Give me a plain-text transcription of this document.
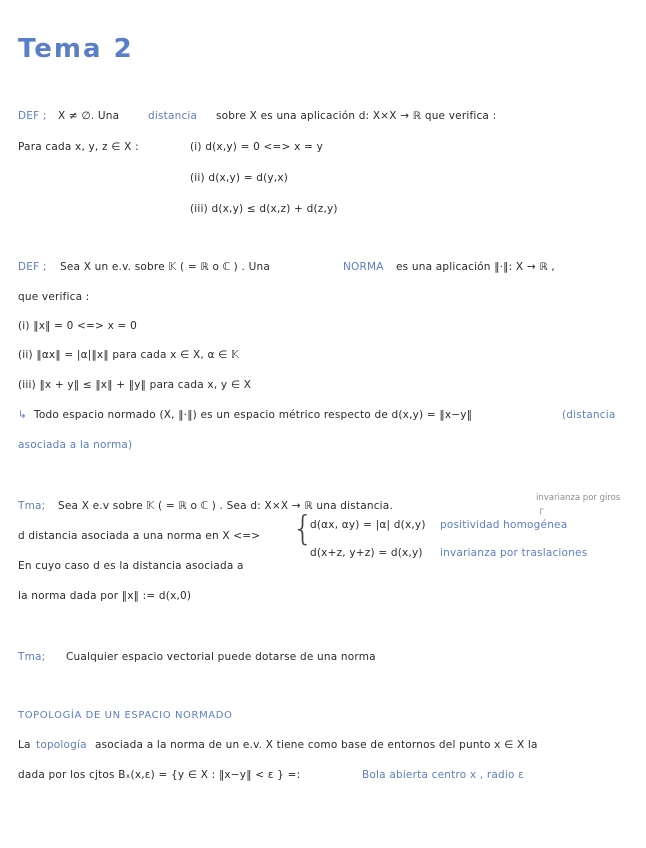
Tema 2
DEF ; X ≠ ∅. Una	distancia sobre X es una aplicación d: X×X → ℝ que verifica :
Para cada x, y, z ∈ X :	(i) d(x,y) = 0 <=> x = y
(ii) d(x,y) = d(y,x)
(iii) d(x,y) ≤ d(x,z) + d(z,y)
DEF ; Sea X un e.v. sobre 𝕂 ( = ℝ o ℂ ) . Una	NORMA es una aplicación ‖·‖: X → ℝ ,
que verifica :
(i) ‖x‖ = 0 <=> x = 0
(ii) ‖αx‖ = |α|‖x‖ para cada x ∈ X, α ∈ 𝕂
(iii) ‖x + y‖ ≤ ‖x‖ + ‖y‖ para cada x, y ∈ X
↳ Todo espacio normado (X, ‖·‖) es un espacio métrico respecto de d(x,y) = ‖x−y‖	(distancia
asociada a la norma)
Tma; Sea X e.v sobre 𝕂 ( = ℝ o ℂ ) . Sea d: X×X → ℝ una distancia.
invarianza por giros
┌
d distancia asociada a una norma en X <=> {
d(αx, αy) = |α| d(x,y) positividad homogénea
d(x+z, y+z) = d(x,y) invarianza por traslaciones
En cuyo caso d es la distancia asociada a
la norma dada por ‖x‖ := d(x,0)
Tma; Cualquier espacio vectorial puede dotarse de una norma
TOPOLOGÍA DE UN ESPACIO NORMADO
La topología asociada a la norma de un e.v. X tiene como base de entornos del punto x ∈ X la
dada por los cjtos Bₓ(x,ε) = {y ∈ X : ‖x−y‖ < ε } =:	Bola abierta centro x , radio ε
